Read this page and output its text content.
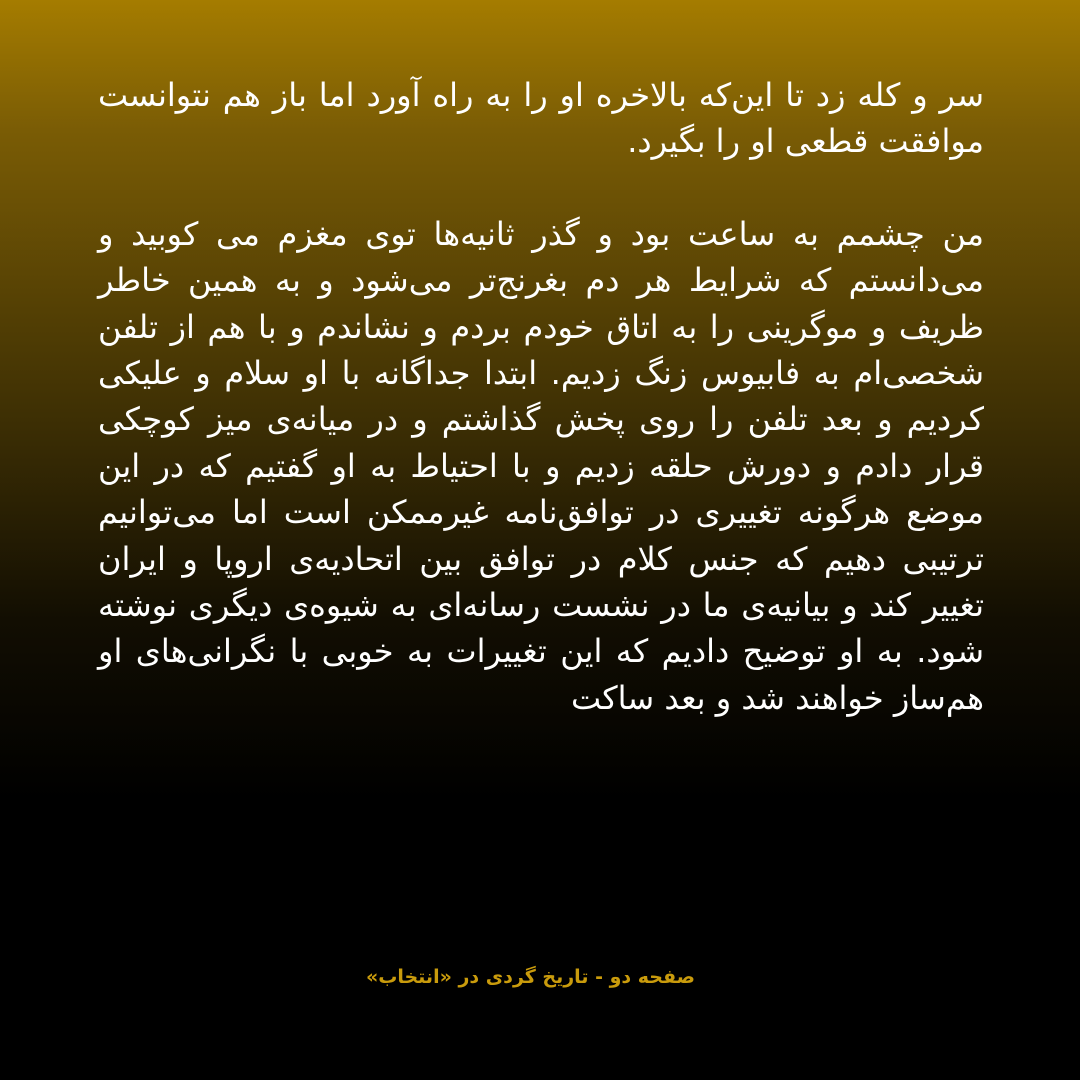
سر و کله زد تا این‌که بالاخره او را به راه آورد اما باز هم نتوانست موافقت قطعی او را بگیرد.

من چشمم به ساعت بود و گذر ثانیه‌ها توی مغزم می کوبید و می‌دانستم که شرایط هر دم بغرنج‌تر می‌شود و به همین خاطر ظریف و موگرینی را به اتاق خودم بردم و نشاندم و با هم از تلفن شخصی‌ام به فابیوس زنگ زدیم. ابتدا جداگانه با او سلام و علیکی کردیم و بعد تلفن را روی پخش گذاشتم و در میانه‌ی میز کوچکی قرار دادم و دورش حلقه زدیم و با احتیاط به او گفتیم که در این موضع هرگونه تغییری در توافق‌نامه غیرممکن است اما می‌توانیم ترتیبی دهیم که جنس کلام در توافق بین اتحادیه‌ی اروپا و ایران تغییر کند و بیانیه‌ی ما در نشست رسانه‌ای به شیوه‌ی دیگری نوشته شود. به او توضیح دادیم که این تغییرات به خوبی با نگرانی‌های او هم‌ساز خواهند شد و بعد ساکت

صفحه دو - تاریخ گردی در «انتخاب»
